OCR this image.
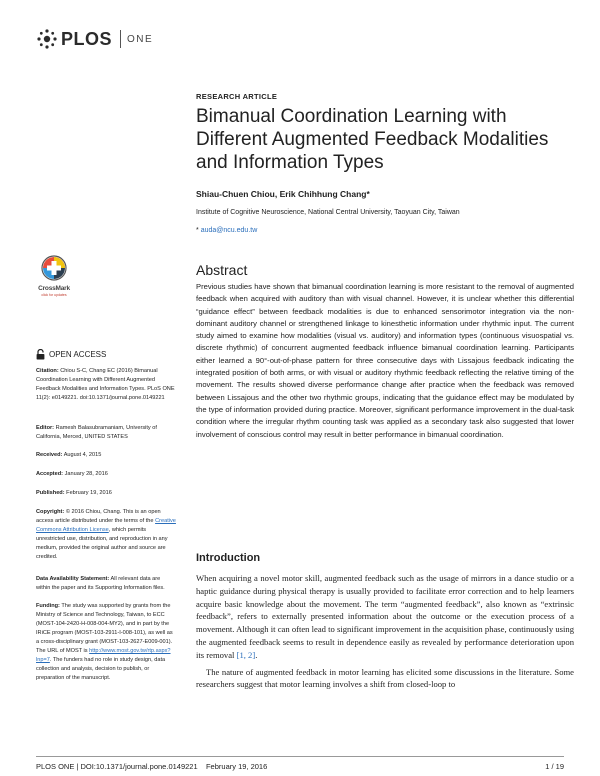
PLOS ONE
RESEARCH ARTICLE
Bimanual Coordination Learning with Different Augmented Feedback Modalities and Information Types
Shiau-Chuen Chiou, Erik Chihhung Chang*
Institute of Cognitive Neuroscience, National Central University, Taoyuan City, Taiwan
* auda@ncu.edu.tw
CrossMark
click for updates
OPEN ACCESS
Citation: Chiou S-C, Chang EC (2016) Bimanual Coordination Learning with Different Augmented Feedback Modalities and Information Types. PLoS ONE 11(2): e0149221. doi:10.1371/journal.pone.0149221
Editor: Ramesh Balasubramaniam, University of California, Merced, UNITED STATES
Received: August 4, 2015
Accepted: January 28, 2016
Published: February 19, 2016
Copyright: © 2016 Chiou, Chang. This is an open access article distributed under the terms of the Creative Commons Attribution License, which permits unrestricted use, distribution, and reproduction in any medium, provided the original author and source are credited.
Data Availability Statement: All relevant data are within the paper and its Supporting Information files.
Funding: The study was supported by grants from the Ministry of Science and Technology, Taiwan, to ECC (MOST-104-2420-H-008-004-MY2), and in part by the IRiCE program (MOST-103-2911-I-008-101), as well as a cross-disciplinary grant (MOST-103-2627-E009-001). The URL of MOST is http://www.most.gov.tw/rtp.aspx?lnp=7. The funders had no role in study design, data collection and analysis, decision to publish, or preparation of the manuscript.
Abstract
Previous studies have shown that bimanual coordination learning is more resistant to the removal of augmented feedback when acquired with auditory than with visual channel. However, it is unclear whether this differential “guidance effect” between feedback modalities is due to enhanced sensorimotor integration via the non-dominant auditory channel or strengthened linkage to kinesthetic information under rhythmic input. The current study aimed to examine how modalities (visual vs. auditory) and information types (continuous visuospatial vs. discrete rhythmic) of concurrent augmented feedback influence bimanual coordination learning. Participants either learned a 90°-out-of-phase pattern for three consecutive days with Lissajous feedback indicating the integrated position of both arms, or with visual or auditory rhythmic feedback reflecting the relative timing of the movement. The results showed diverse performance change after practice when the feedback was removed between Lissajous and the other two rhythmic groups, indicating that the guidance effect may be modulated by the type of information provided during practice. Moreover, significant performance improvement in the dual-task condition where the irregular rhythm counting task was applied as a secondary task also suggested that lower involvement of conscious control may result in better performance in bimanual coordination.
Introduction

When acquiring a novel motor skill, augmented feedback such as the usage of mirrors in a dance studio or a haptic guidance during physical therapy is usually provided to facilitate error correction and to help learners acquire basic knowledge about the movement. The term “augmented feedback”, also known as “extrinsic feedback”, refers to externally presented information about the outcome or the execution process of a movement. Although it can often lead to significant improvement in the acquisition phase, continuously using the augmented feedback seems to result in dependence easily as revealed by performance deterioration upon its removal [1, 2].

The nature of augmented feedback in motor learning has elicited some discussions in the literature. Some researchers suggest that motor learning involves a shift from closed-loop to

PLOS ONE | DOI:10.1371/journal.pone.0149221    February 19, 2016	1 / 19
